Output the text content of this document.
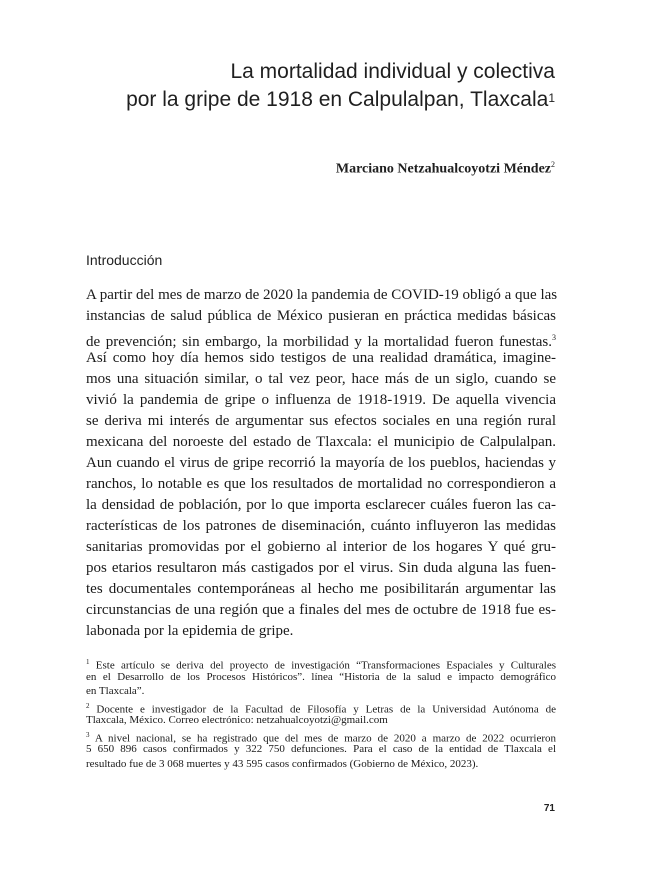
La mortalidad individual y colectiva
por la gripe de 1918 en Calpulalpan, Tlaxcala$^1$
Marciano Netzahualcoyotzi Méndez$^2$
Introducción
A partir del mes de marzo de 2020 la pandemia de COVID-19 obligó a que las
instancias de salud pública de México pusieran en práctica medidas básicas
de prevención; sin embargo, la morbilidad y la mortalidad fueron funestas.$^3$
Así como hoy día hemos sido testigos de una realidad dramática, imagine-
mos una situación similar, o tal vez peor, hace más de un siglo, cuando se
vivió la pandemia de gripe o influenza de 1918-1919. De aquella vivencia
se deriva mi interés de argumentar sus efectos sociales en una región rural
mexicana del noroeste del estado de Tlaxcala: el municipio de Calpulalpan.
Aun cuando el virus de gripe recorrió la mayoría de los pueblos, haciendas y
ranchos, lo notable es que los resultados de mortalidad no correspondieron a
la densidad de población, por lo que importa esclarecer cuáles fueron las ca-
racterísticas de los patrones de diseminación, cuánto influyeron las medidas
sanitarias promovidas por el gobierno al interior de los hogares Y qué gru-
pos etarios resultaron más castigados por el virus. Sin duda alguna las fuen-
tes documentales contemporáneas al hecho me posibilitarán argumentar las
circunstancias de una región que a finales del mes de octubre de 1918 fue es-
labonada por la epidemia de gripe.
$^1$ Este artículo se deriva del proyecto de investigación “Transformaciones Espaciales y Culturales
en el Desarrollo de los Procesos Históricos”. línea “Historia de la salud e impacto demográfico
en Tlaxcala”.
$^2$ Docente e investigador de la Facultad de Filosofía y Letras de la Universidad Autónoma de
Tlaxcala, México. Correo electrónico: netzahualcoyotzi@gmail.com
$^3$ A nivel nacional, se ha registrado que del mes de marzo de 2020 a marzo de 2022 ocurrieron
5 650 896 casos confirmados y 322 750 defunciones. Para el caso de la entidad de Tlaxcala el
resultado fue de 3 068 muertes y 43 595 casos confirmados (Gobierno de México, 2023).
71
